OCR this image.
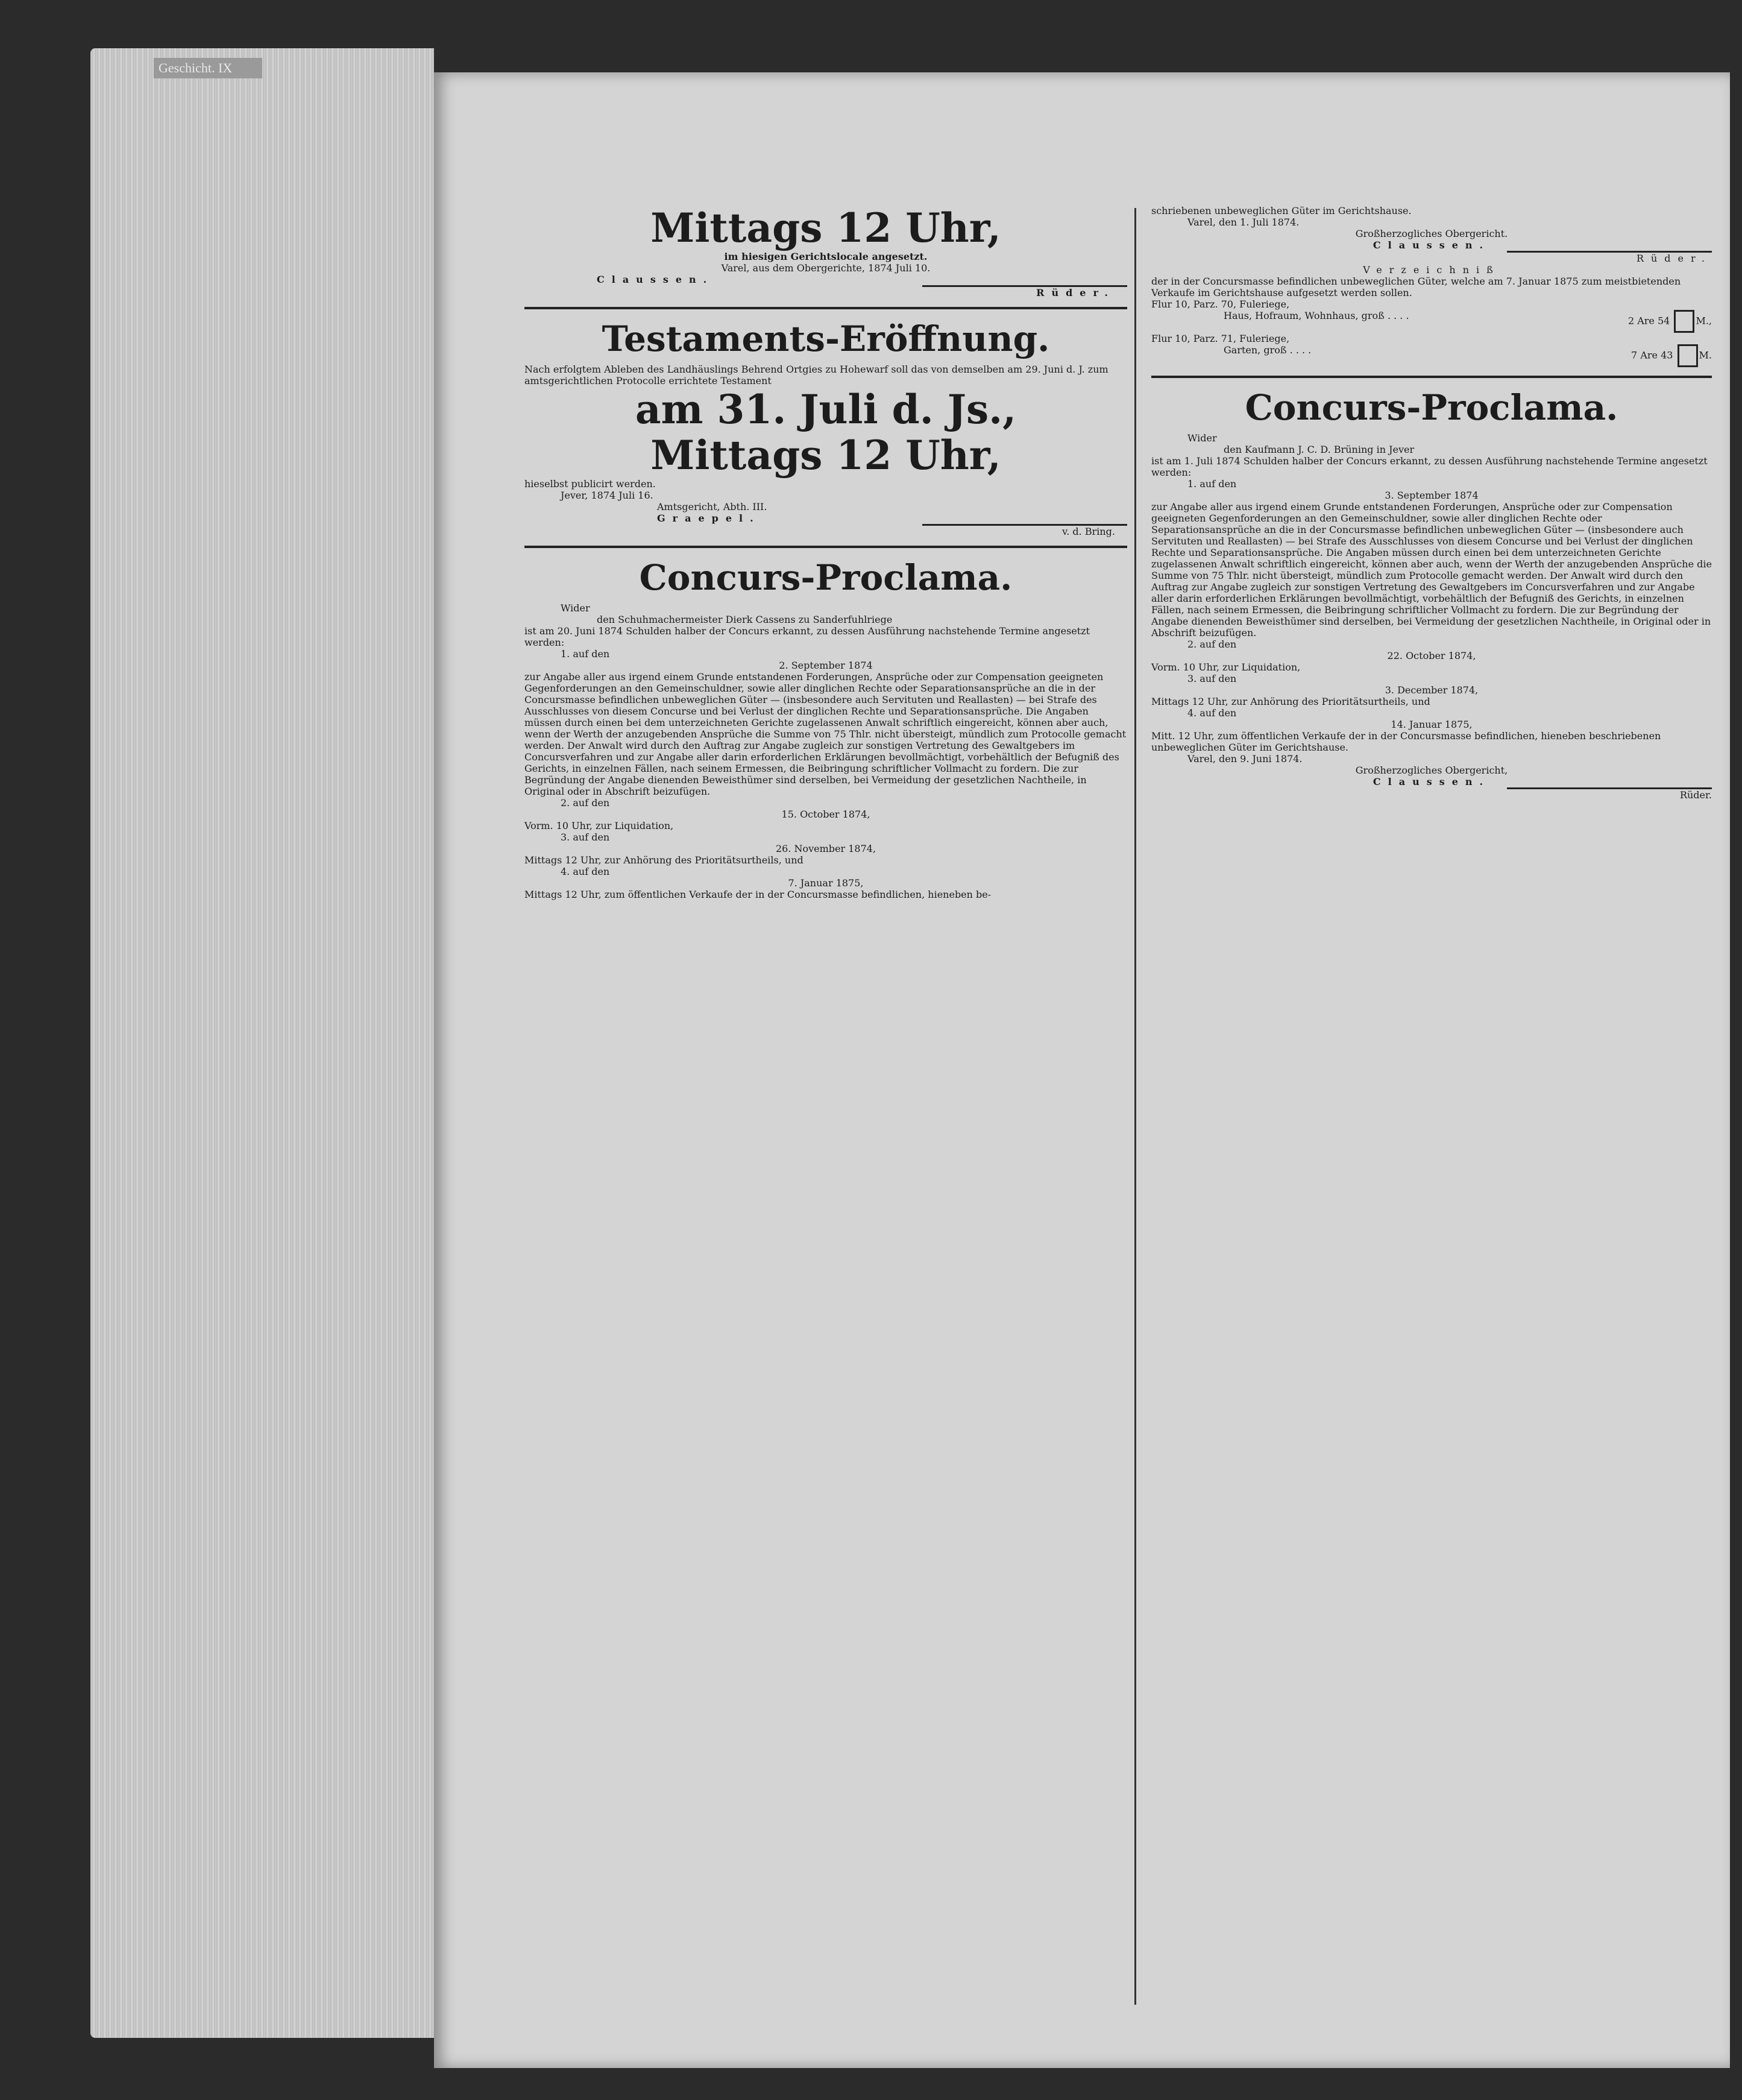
Geschicht. IX

Mittags 12 Uhr,

im hiesigen Gerichtslocale angesetzt.

Varel, aus dem Obergerichte, 1874 Juli 10.

Claussen.

Rüder.

Testaments-Eröffnung.

Nach erfolgtem Ableben des Landhäuslings Behrend Ortgies zu Hohewarf soll das von demselben am 29. Juni d. J. zum amtsgerichtlichen Protocolle errichtete Testament

am 31. Juli d. Js.,

Mittags 12 Uhr,

hieselbst publicirt werden.

Jever, 1874 Juli 16.

Amtsgericht, Abth. III.

Graepel.

v. d. Bring.

Concurs-Proclama.

Wider

den Schuhmachermeister Dierk Cassens zu Sanderfuhlriege

ist am 20. Juni 1874 Schulden halber der Concurs erkannt, zu dessen Ausführung nachstehende Termine angesetzt werden:

1. auf den

2. September 1874

zur Angabe aller aus irgend einem Grunde entstandenen Forderungen, Ansprüche oder zur Compensation geeigneten Gegenforderungen an den Gemeinschuldner, sowie aller dinglichen Rechte oder Separationsansprüche an die in der Concursmasse befindlichen unbeweglichen Güter — (insbesondere auch Servituten und Reallasten) — bei Strafe des Ausschlusses von diesem Concurse und bei Verlust der dinglichen Rechte und Separationsansprüche. Die Angaben müssen durch einen bei dem unterzeichneten Gerichte zugelassenen Anwalt schriftlich eingereicht, können aber auch, wenn der Werth der anzugebenden Ansprüche die Summe von 75 Thlr. nicht übersteigt, mündlich zum Protocolle gemacht werden. Der Anwalt wird durch den Auftrag zur Angabe zugleich zur sonstigen Vertretung des Gewaltgebers im Concursverfahren und zur Angabe aller darin erforderlichen Erklärungen bevollmächtigt, vorbehältlich der Befugniß des Gerichts, in einzelnen Fällen, nach seinem Ermessen, die Beibringung schriftlicher Vollmacht zu fordern. Die zur Begründung der Angabe dienenden Beweisthümer sind derselben, bei Vermeidung der gesetzlichen Nachtheile, in Original oder in Abschrift beizufügen.

2. auf den

15. October 1874,

Vorm. 10 Uhr, zur Liquidation,

3. auf den

26. November 1874,

Mittags 12 Uhr, zur Anhörung des Prioritätsurtheils, und

4. auf den

7. Januar 1875,

Mittags 12 Uhr, zum öffentlichen Verkaufe der in der Concursmasse befindlichen, hieneben be-

schriebenen unbeweglichen Güter im Gerichtshause.

Varel, den 1. Juli 1874.

Großherzogliches Obergericht.

Claussen.

Rüder.

Verzeichniß

der in der Concursmasse befindlichen unbeweglichen Güter, welche am 7. Januar 1875 zum meistbietenden Verkaufe im Gerichtshause aufgesetzt werden sollen.

Flur 10, Parz. 70, Fuleriege,

Haus, Hofraum, Wohnhaus, groß . . . .	2 Are 54	M.,

Flur 10, Parz. 71, Fuleriege,

Garten, groß . . . .	7 Are 43	M.

Concurs-Proclama.

Wider

den Kaufmann J. C. D. Brüning in Jever

ist am 1. Juli 1874 Schulden halber der Concurs erkannt, zu dessen Ausführung nachstehende Termine angesetzt werden:

1. auf den

3. September 1874

zur Angabe aller aus irgend einem Grunde entstandenen Forderungen, Ansprüche oder zur Compensation geeigneten Gegenforderungen an den Gemeinschuldner, sowie aller dinglichen Rechte oder Separationsansprüche an die in der Concursmasse befindlichen unbeweglichen Güter — (insbesondere auch Servituten und Reallasten) — bei Strafe des Ausschlusses von diesem Concurse und bei Verlust der dinglichen Rechte und Separationsansprüche. Die Angaben müssen durch einen bei dem unterzeichneten Gerichte zugelassenen Anwalt schriftlich eingereicht, können aber auch, wenn der Werth der anzugebenden Ansprüche die Summe von 75 Thlr. nicht übersteigt, mündlich zum Protocolle gemacht werden. Der Anwalt wird durch den Auftrag zur Angabe zugleich zur sonstigen Vertretung des Gewaltgebers im Concursverfahren und zur Angabe aller darin erforderlichen Erklärungen bevollmächtigt, vorbehältlich der Befugniß des Gerichts, in einzelnen Fällen, nach seinem Ermessen, die Beibringung schriftlicher Vollmacht zu fordern. Die zur Begründung der Angabe dienenden Beweisthümer sind derselben, bei Vermeidung der gesetzlichen Nachtheile, in Original oder in Abschrift beizufügen.

2. auf den

22. October 1874,

Vorm. 10 Uhr, zur Liquidation,

3. auf den

3. December 1874,

Mittags 12 Uhr, zur Anhörung des Prioritätsurtheils, und

4. auf den

14. Januar 1875,

Mitt. 12 Uhr, zum öffentlichen Verkaufe der in der Concursmasse befindlichen, hieneben beschriebenen unbeweglichen Güter im Gerichtshause.

Varel, den 9. Juni 1874.

Großherzogliches Obergericht,

Claussen.

Rüder.
